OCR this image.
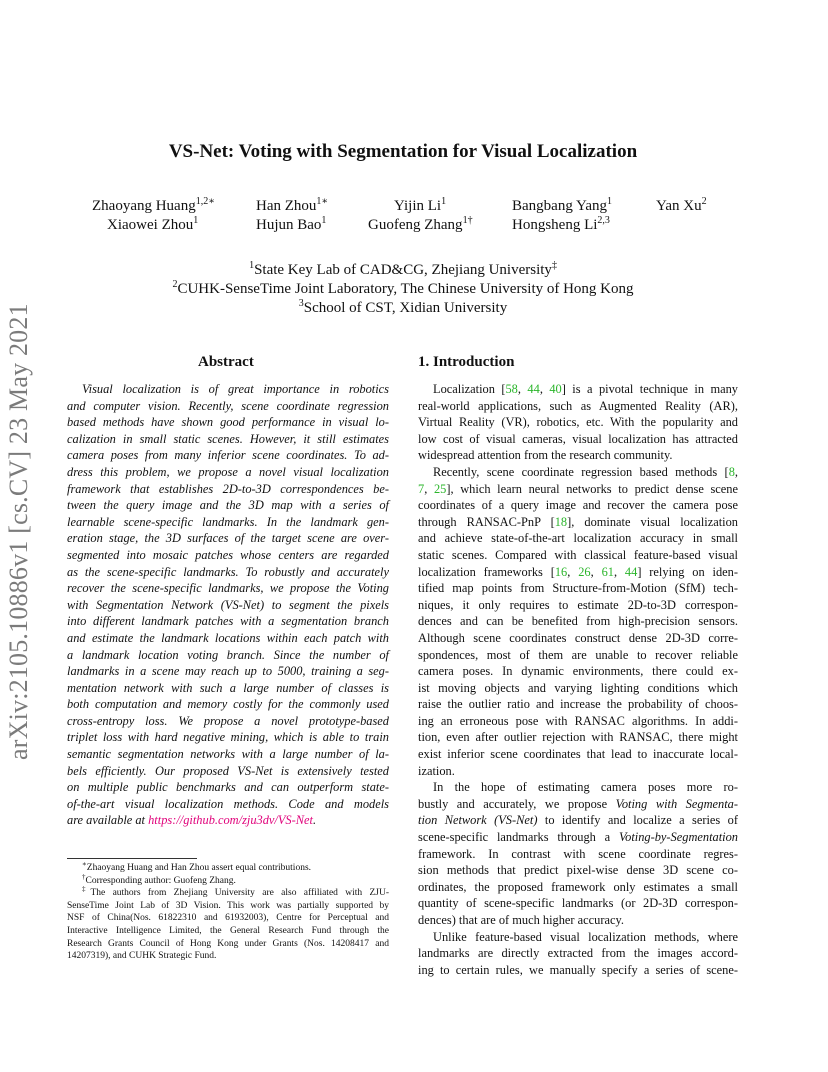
arXiv:2105.10886v1 [cs.CV] 23 May 2021
VS-Net: Voting with Segmentation for Visual Localization
Zhaoyang Huang$^{1,2∗}$	Han Zhou$^{1∗}$	Yijin Li$^1$	Bangbang Yang$^1$	Yan Xu$^2$
Xiaowei Zhou$^1$	Hujun Bao$^1$	Guofeng Zhang$^{1\dagger}$	Hongsheng Li$^{2,3}$
$^1$State Key Lab of CAD&CG, Zhejiang University‡
$^2$CUHK-SenseTime Joint Laboratory, The Chinese University of Hong Kong
$^3$School of CST, Xidian University
Abstract
Visual localization is of great importance in robotics
and computer vision. Recently, scene coordinate regression
based methods have shown good performance in visual lo-
calization in small static scenes. However, it still estimates
camera poses from many inferior scene coordinates. To ad-
dress this problem, we propose a novel visual localization
framework that establishes 2D-to-3D correspondences be-
tween the query image and the 3D map with a series of
learnable scene-specific landmarks. In the landmark gen-
eration stage, the 3D surfaces of the target scene are over-
segmented into mosaic patches whose centers are regarded
as the scene-specific landmarks. To robustly and accurately
recover the scene-specific landmarks, we propose the Voting
with Segmentation Network (VS-Net) to segment the pixels
into different landmark patches with a segmentation branch
and estimate the landmark locations within each patch with
a landmark location voting branch. Since the number of
landmarks in a scene may reach up to 5000, training a seg-
mentation network with such a large number of classes is
both computation and memory costly for the commonly used
cross-entropy loss. We propose a novel prototype-based
triplet loss with hard negative mining, which is able to train
semantic segmentation networks with a large number of la-
bels efficiently. Our proposed VS-Net is extensively tested
on multiple public benchmarks and can outperform state-
of-the-art visual localization methods. Code and models
are available at https://github.com/zju3dv/VS-Net.
1. Introduction
Localization [58, 44, 40] is a pivotal technique in many
real-world applications, such as Augmented Reality (AR),
Virtual Reality (VR), robotics, etc. With the popularity and
low cost of visual cameras, visual localization has attracted
widespread attention from the research community.
Recently, scene coordinate regression based methods [8,
7, 25], which learn neural networks to predict dense scene
coordinates of a query image and recover the camera pose
through RANSAC-PnP [18], dominate visual localization
and achieve state-of-the-art localization accuracy in small
static scenes. Compared with classical feature-based visual
localization frameworks [16, 26, 61, 44] relying on iden-
tified map points from Structure-from-Motion (SfM) tech-
niques, it only requires to estimate 2D-to-3D correspon-
dences and can be benefited from high-precision sensors.
Although scene coordinates construct dense 2D-3D corre-
spondences, most of them are unable to recover reliable
camera poses. In dynamic environments, there could ex-
ist moving objects and varying lighting conditions which
raise the outlier ratio and increase the probability of choos-
ing an erroneous pose with RANSAC algorithms. In addi-
tion, even after outlier rejection with RANSAC, there might
exist inferior scene coordinates that lead to inaccurate local-
ization.
In the hope of estimating camera poses more ro-
bustly and accurately, we propose Voting with Segmenta-
tion Network (VS-Net) to identify and localize a series of
scene-specific landmarks through a Voting-by-Segmentation
framework. In contrast with scene coordinate regres-
sion methods that predict pixel-wise dense 3D scene co-
ordinates, the proposed framework only estimates a small
quantity of scene-specific landmarks (or 2D-3D correspon-
dences) that are of much higher accuracy.
Unlike feature-based visual localization methods, where
landmarks are directly extracted from the images accord-
ing to certain rules, we manually specify a series of scene-
∗Zhaoyang Huang and Han Zhou assert equal contributions.
†Corresponding author: Guofeng Zhang.
‡The authors from Zhejiang University are also affiliated with ZJU-
SenseTime Joint Lab of 3D Vision. This work was partially supported by
NSF of China(Nos. 61822310 and 61932003), Centre for Perceptual and
Interactive Intelligence Limited, the General Research Fund through the
Research Grants Council of Hong Kong under Grants (Nos. 14208417 and
14207319), and CUHK Strategic Fund.
